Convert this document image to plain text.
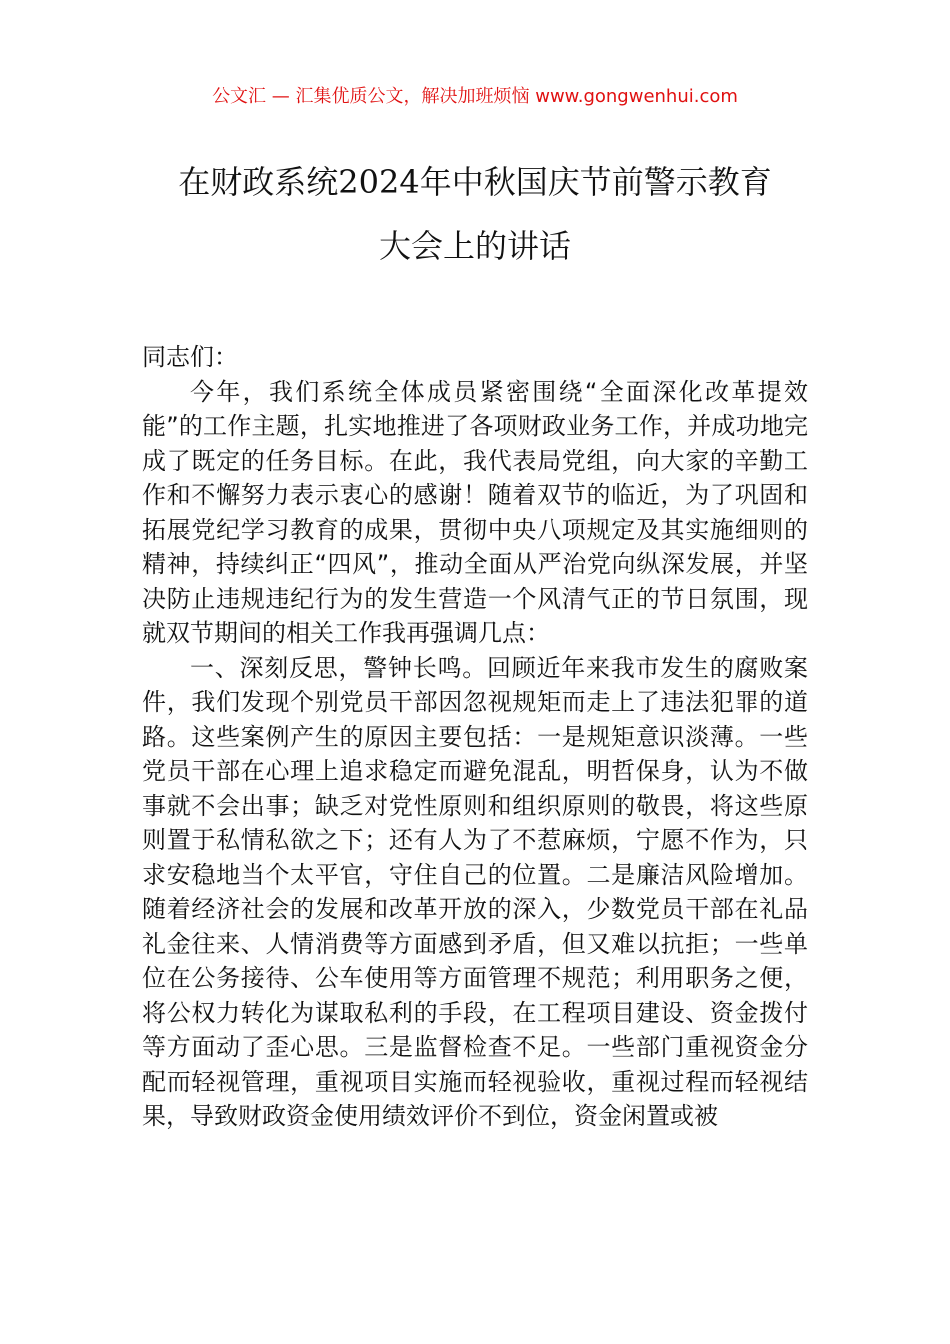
公文汇 — 汇集优质公文，解决加班烦恼 www.gongwenhui.com
在财政系统2024年中秋国庆节前警示教育
大会上的讲话

同志们：

今年，我们系统全体成员紧密围绕“全面深化改革提效能”的工作主题，扎实地推进了各项财政业务工作，并成功地完成了既定的任务目标。在此，我代表局党组，向大家的辛勤工作和不懈努力表示衷心的感谢！随着双节的临近，为了巩固和拓展党纪学习教育的成果，贯彻中央八项规定及其实施细则的精神，持续纠正“四风”，推动全面从严治党向纵深发展，并坚决防止违规违纪行为的发生营造一个风清气正的节日氛围，现就双节期间的相关工作我再强调几点：

一、深刻反思，警钟长鸣。回顾近年来我市发生的腐败案件，我们发现个别党员干部因忽视规矩而走上了违法犯罪的道路。这些案例产生的原因主要包括：一是规矩意识淡薄。一些党员干部在心理上追求稳定而避免混乱，明哲保身，认为不做事就不会出事；缺乏对党性原则和组织原则的敬畏，将这些原则置于私情私欲之下；还有人为了不惹麻烦，宁愿不作为，只求安稳地当个太平官，守住自己的位置。二是廉洁风险增加。随着经济社会的发展和改革开放的深入，少数党员干部在礼品礼金往来、人情消费等方面感到矛盾，但又难以抗拒；一些单位在公务接待、公车使用等方面管理不规范；利用职务之便，将公权力转化为谋取私利的手段，在工程项目建设、资金拨付等方面动了歪心思。三是监督检查不足。一些部门重视资金分配而轻视管理，重视项目实施而轻视验收，重视过程而轻视结果，导致财政资金使用绩效评价不到位，资金闲置或被
